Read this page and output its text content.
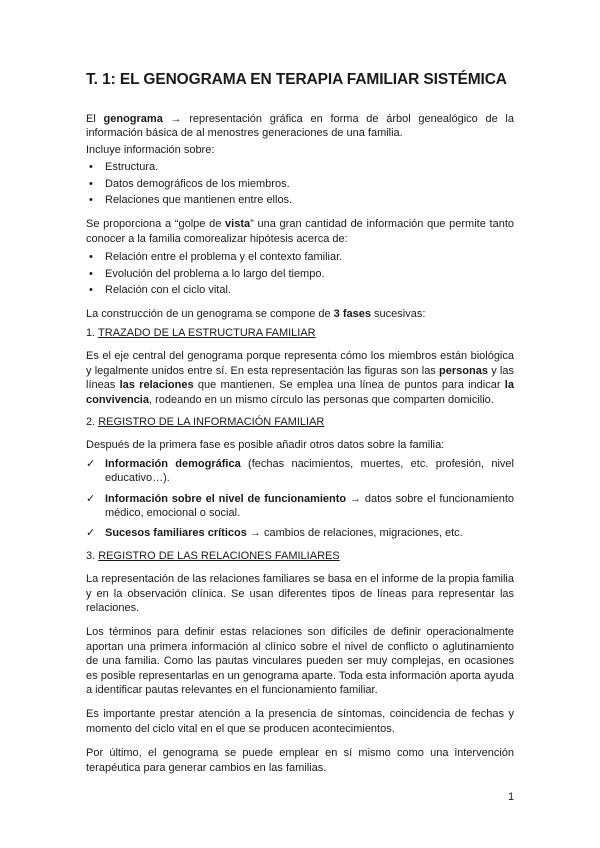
T. 1: EL GENOGRAMA EN TERAPIA FAMILIAR SISTÉMICA

El genograma → representación gráfica en forma de árbol genealógico de la información básica de al menostres generaciones de una familia.

Incluye información sobre:

• Estructura.
• Datos demográficos de los miembros.
• Relaciones que mantienen entre ellos.

Se proporciona a “golpe de vista” una gran cantidad de información que permite tanto conocer a la familia comorealizar hipótesis acerca de:

• Relación entre el problema y el contexto familiar.
• Evolución del problema a lo largo del tiempo.
• Relación con el ciclo vital.

La construcción de un genograma se compone de 3 fases sucesivas:

1. TRAZADO DE LA ESTRUCTURA FAMILIAR

Es el eje central del genograma porque representa cómo los miembros están biológica y legalmente unidos entre sí. En esta representación las figuras son las personas y las líneas las relaciones que mantienen. Se emplea una línea de puntos para indicar la convivencia, rodeando en un mismo círculo las personas que comparten domicilio.

2. REGISTRO DE LA INFORMACIÓN FAMILIAR

Después de la primera fase es posible añadir otros datos sobre la familia:

✓ Información demográfica (fechas nacimientos, muertes, etc. profesión, nivel educativo…).
✓ Información sobre el nivel de funcionamiento → datos sobre el funcionamiento médico, emocional o social.
✓ Sucesos familiares críticos → cambios de relaciones, migraciones, etc.

3. REGISTRO DE LAS RELACIONES FAMILIARES

La representación de las relaciones familiares se basa en el informe de la propia familia y en la observación clínica. Se usan diferentes tipos de líneas para representar las relaciones.

Los términos para definir estas relaciones son difíciles de definir operacionalmente aportan una primera información al clínico sobre el nivel de conflicto o aglutinamiento de una familia. Como las pautas vinculares pueden ser muy complejas, en ocasiones es posible representarlas en un genograma aparte. Toda esta información aporta ayuda a identificar pautas relevantes en el funcionamiento familiar.

Es importante prestar atención a la presencia de síntomas, coincidencia de fechas y momento del ciclo vital en el que se producen acontecimientos.

Por último, el genograma se puede emplear en sí mismo como una intervención terapéutica para generar cambios en las familias.

1
